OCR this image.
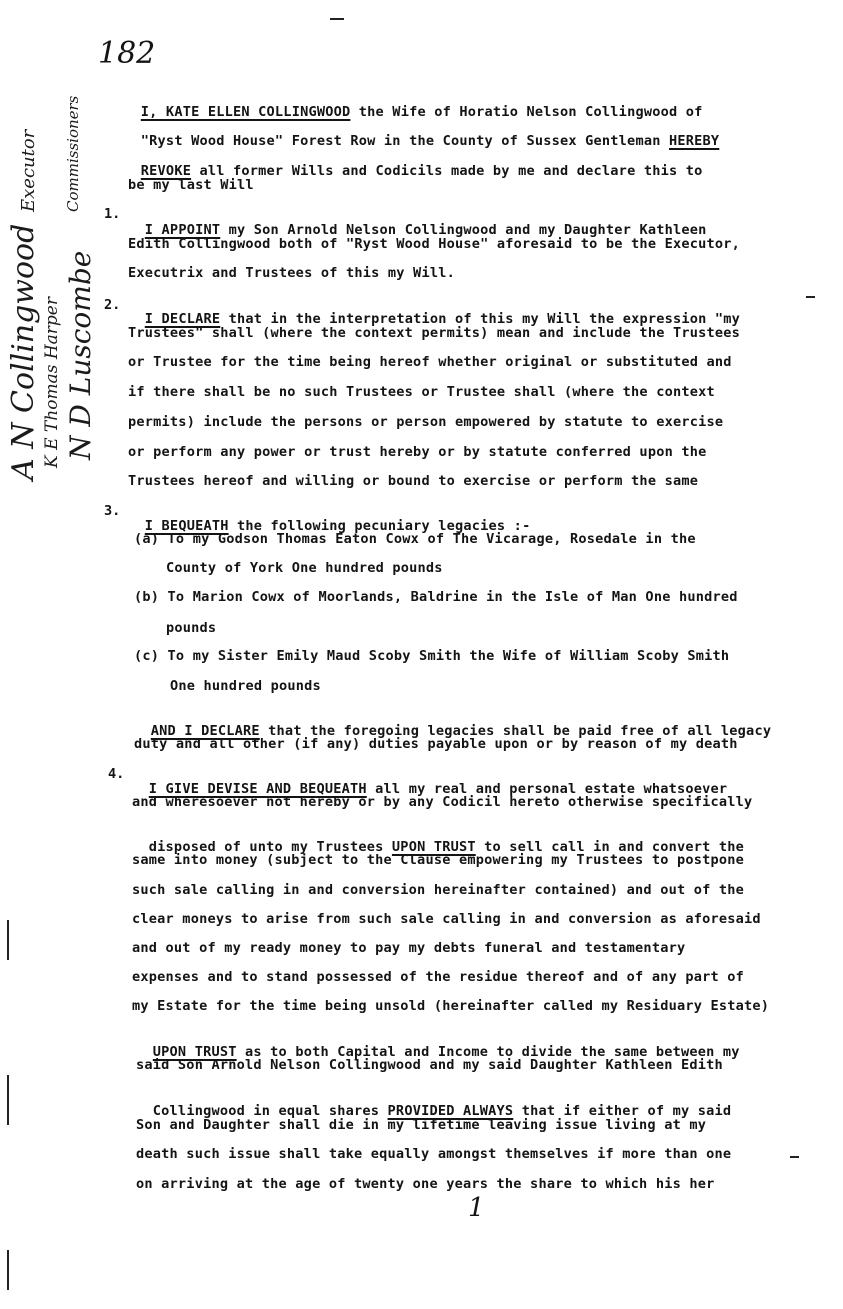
182
Executor Commissioners
A N Collingwood K E Thomas Harper N D Luscombe

I, KATE ELLEN COLLINGWOOD the Wife of Horatio Nelson Collingwood of

"Ryst Wood House" Forest Row in the County of Sussex Gentleman HEREBY

REVOKE all former Wills and Codicils made by me and declare this to

be my last Will
1.

I APPOINT my Son Arnold Nelson Collingwood and my Daughter Kathleen

Edith Collingwood both of "Ryst Wood House" aforesaid to be the Executor,
Executrix and Trustees of this my Will.
2.

I DECLARE that in the interpretation of this my Will the expression "my

Trustees" shall (where the context permits) mean and include the Trustees
or Trustee for the time being hereof whether original or substituted and
if there shall be no such Trustees or Trustee shall (where the context
permits) include the persons or person empowered by statute to exercise
or perform any power or trust hereby or by statute conferred upon the
Trustees hereof and willing or bound to exercise or perform the same
3.

I BEQUEATH the following pecuniary legacies :-

(a) To my Godson Thomas Eaton Cowx of The Vicarage, Rosedale in the
County of York One hundred pounds
(b) To Marion Cowx of Moorlands, Baldrine in the Isle of Man One hundred
pounds
(c) To my Sister Emily Maud Scoby Smith the Wife of William Scoby Smith
One hundred pounds

AND I DECLARE that the foregoing legacies shall be paid free of all legacy

duty and all other (if any) duties payable upon or by reason of my death
4.

I GIVE DEVISE AND BEQUEATH all my real and personal estate whatsoever

and wheresoever not hereby or by any Codicil hereto otherwise specifically

disposed of unto my Trustees UPON TRUST to sell call in and convert the

same into money (subject to the Clause empowering my Trustees to postpone
such sale calling in and conversion hereinafter contained) and out of the
clear moneys to arise from such sale calling in and conversion as aforesaid
and out of my ready money to pay my debts funeral and testamentary
expenses and to stand possessed of the residue thereof and of any part of
my Estate for the time being unsold (hereinafter called my Residuary Estate)

UPON TRUST as to both Capital and Income to divide the same between my

said Son Arnold Nelson Collingwood and my said Daughter Kathleen Edith

Collingwood in equal shares PROVIDED ALWAYS that if either of my said

Son and Daughter shall die in my lifetime leaving issue living at my
death such issue shall take equally amongst themselves if more than one
on arriving at the age of twenty one years the share to which his her
1
